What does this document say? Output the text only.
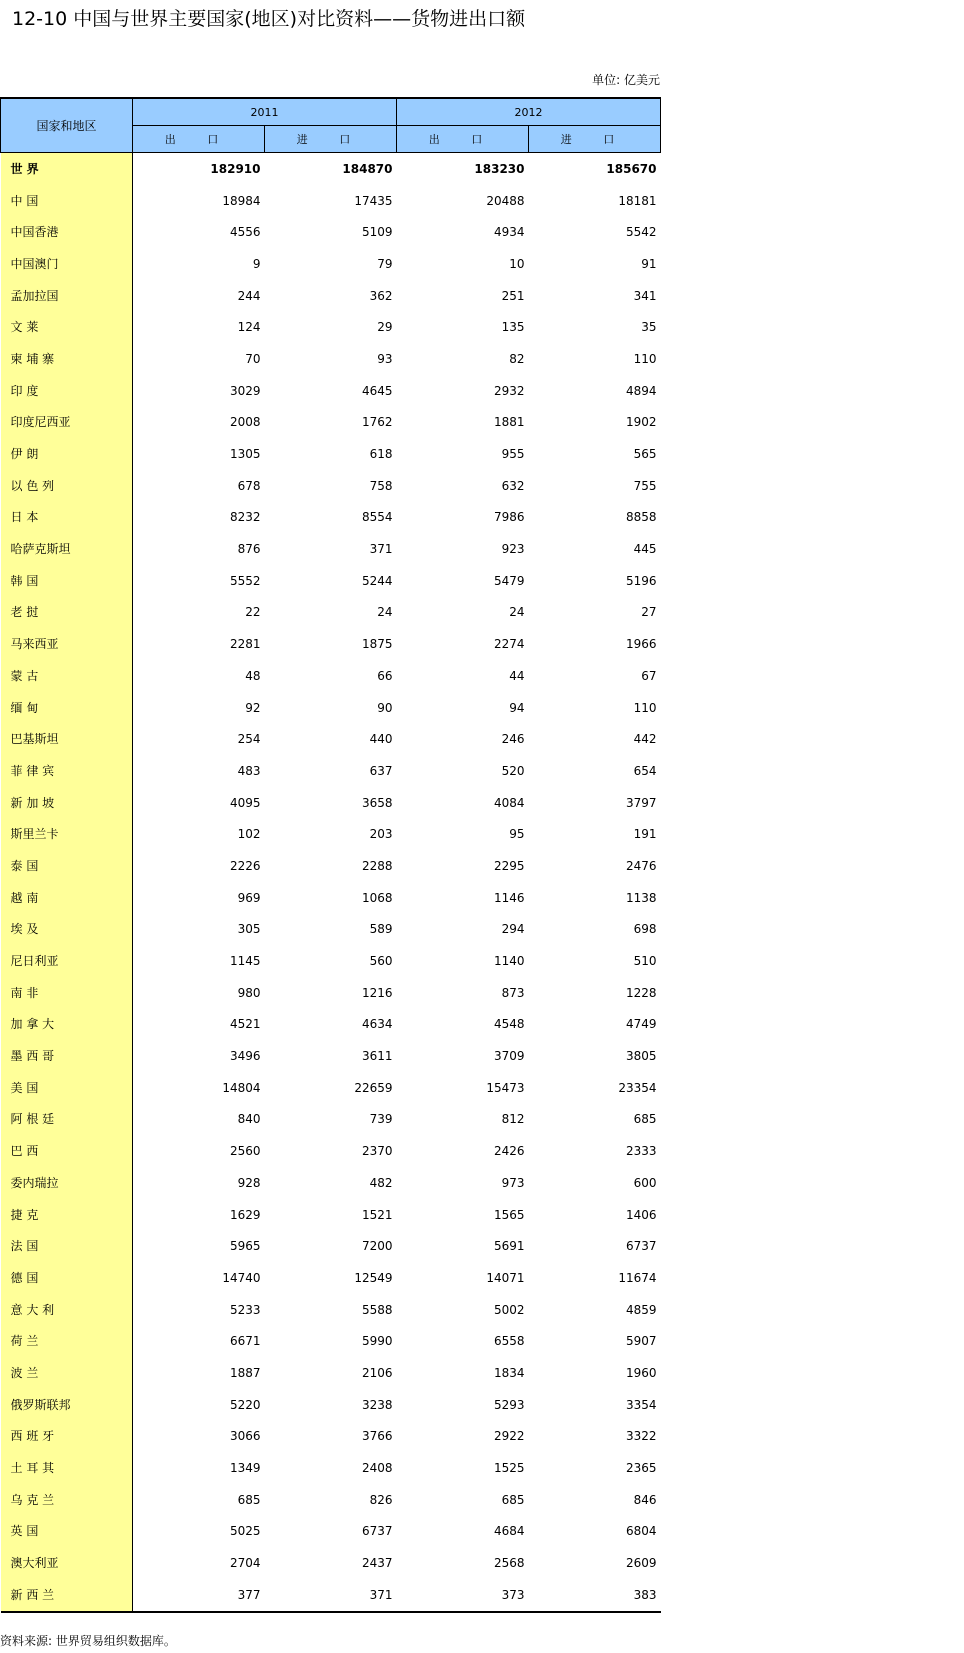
12-10 中国与世界主要国家(地区)对比资料——货物进出口额
单位: 亿美元
国家和地区	2011		2012	
	出 口	进 口	出 口	进 口
世 界	182910	184870	183230	185670
中 国	18984	17435	20488	18181
中国香港	4556	5109	4934	5542
中国澳门	9	79	10	91
孟加拉国	244	362	251	341
文 莱	124	29	135	35
柬 埔 寨	70	93	82	110
印 度	3029	4645	2932	4894
印度尼西亚	2008	1762	1881	1902
伊 朗	1305	618	955	565
以 色 列	678	758	632	755
日 本	8232	8554	7986	8858
哈萨克斯坦	876	371	923	445
韩 国	5552	5244	5479	5196
老 挝	22	24	24	27
马来西亚	2281	1875	2274	1966
蒙 古	48	66	44	67
缅 甸	92	90	94	110
巴基斯坦	254	440	246	442
菲 律 宾	483	637	520	654
新 加 坡	4095	3658	4084	3797
斯里兰卡	102	203	95	191
泰 国	2226	2288	2295	2476
越 南	969	1068	1146	1138
埃 及	305	589	294	698
尼日利亚	1145	560	1140	510
南 非	980	1216	873	1228
加 拿 大	4521	4634	4548	4749
墨 西 哥	3496	3611	3709	3805
美 国	14804	22659	15473	23354
阿 根 廷	840	739	812	685
巴 西	2560	2370	2426	2333
委内瑞拉	928	482	973	600
捷 克	1629	1521	1565	1406
法 国	5965	7200	5691	6737
德 国	14740	12549	14071	11674
意 大 利	5233	5588	5002	4859
荷 兰	6671	5990	6558	5907
波 兰	1887	2106	1834	1960
俄罗斯联邦	5220	3238	5293	3354
西 班 牙	3066	3766	2922	3322
土 耳 其	1349	2408	1525	2365
乌 克 兰	685	826	685	846
英 国	5025	6737	4684	6804
澳大利亚	2704	2437	2568	2609
新 西 兰	377	371	373	383
资料来源: 世界贸易组织数据库。
